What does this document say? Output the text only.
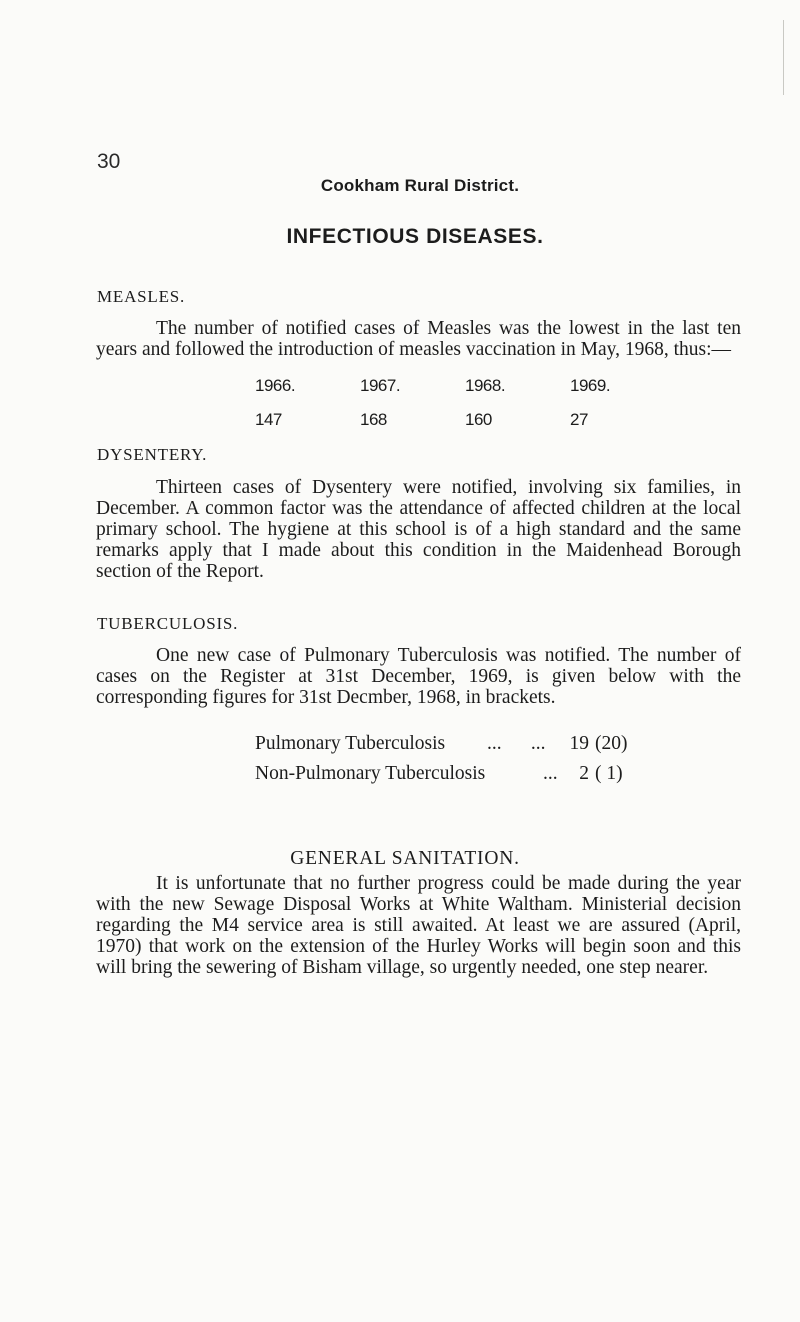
30
Cookham Rural District.
INFECTIOUS DISEASES.
MEASLES.

The number of notified cases of Measles was the lowest in the last ten years and followed the introduction of measles vaccination in May, 1968, thus:—

1966.	1967.	1968.	1969.
147	168	160	27
DYSENTERY.

Thirteen cases of Dysentery were notified, involving six families, in December. A common factor was the attendance of affected children at the local primary school. The hygiene at this school is of a high standard and the same remarks apply that I made about this condition in the Maidenhead Borough section of the Report.

TUBERCULOSIS.

One new case of Pulmonary Tuberculosis was notified. The number of cases on the Register at 31st December, 1969, is given below with the corresponding figures for 31st Decmber, 1968, in brackets.

Pulmonary Tuberculosis ...      ...	19 (20)
Non-Pulmonary Tuberculosis	...	2 ( 1)
GENERAL SANITATION.

It is unfortunate that no further progress could be made during the year with the new Sewage Disposal Works at White Waltham. Ministerial decision regarding the M4 service area is still awaited. At least we are assured (April, 1970) that work on the extension of the Hurley Works will begin soon and this will bring the sewering of Bisham village, so urgently needed, one step nearer.
